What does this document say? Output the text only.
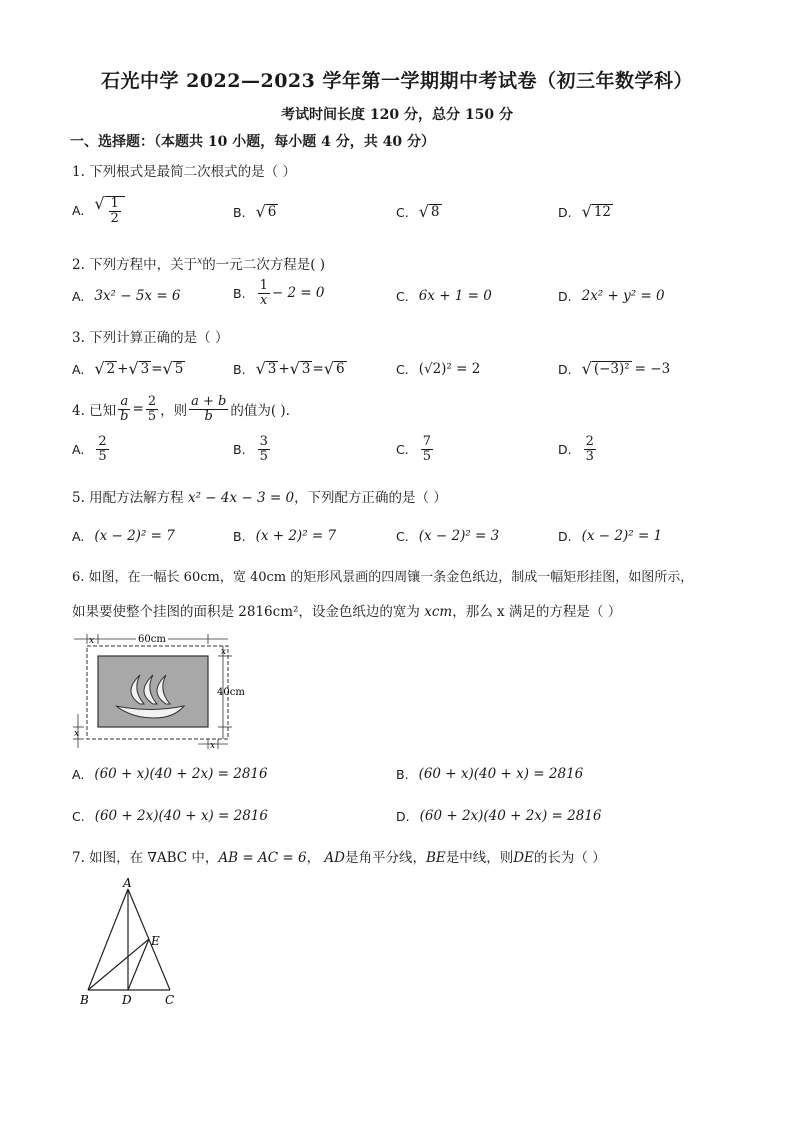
石光中学 2022—2023 学年第一学期期中考试卷（初三年数学科）
考试时间长度 120 分，总分 150 分
一、选择题：（本题共 10 小题，每小题 4 分，共 40 分）
1. 下列根式是最简二次根式的是（ ）
A. √ $\frac{1}{2}$	B. √ 6	C. √ 8	D. √ 12
2. 下列方程中，关于$^x$的一元二次方程是( )
A. 3x² − 5x = 6	B. $\frac{1}{x} - 2 = 0$	C. 6x + 1 = 0	D. 2x² + y² = 0
3. 下列计算正确的是（ ）
A. √ 2 + √ 3 = √ 5	B. √ 3 + √ 3 = √ 6	C. (√2)² = 2	D. √ (−3)² = −3
4. 已知 $\frac{a}{b} = \frac{2}{5}$ ，则 $\frac{a + b}{b}$ 的值为( ).
A. $\frac{2}{5}$	B. $\frac{3}{5}$	C. $\frac{7}{5}$	D. $\frac{2}{3}$
5. 用配方法解方程 x² − 4x − 3 = 0，下列配方正确的是（ ）
A. (x − 2)² = 7	B. (x + 2)² = 7	C. (x − 2)² = 3	D. (x − 2)² = 1
6. 如图，在一幅长 60cm，宽 40cm 的矩形风景画的四周镶一条金色纸边，制成一幅矩形挂图，如图所示，
如果要使整个挂图的面积是 2816cm²，设金色纸边的宽为 xcm，那么 x 满足的方程是（ ）
x	60cm
x
40cm
x
x
A. (60 + x)(40 + 2x) = 2816	B. (60 + x)(40 + x) = 2816
C. (60 + 2x)(40 + x) = 2816	D. (60 + 2x)(40 + 2x) = 2816
7. 如图，在 ∇ABC 中，AB = AC = 6， AD是角平分线，BE是中线，则DE的长为（ ）
A
B	C
D
E
